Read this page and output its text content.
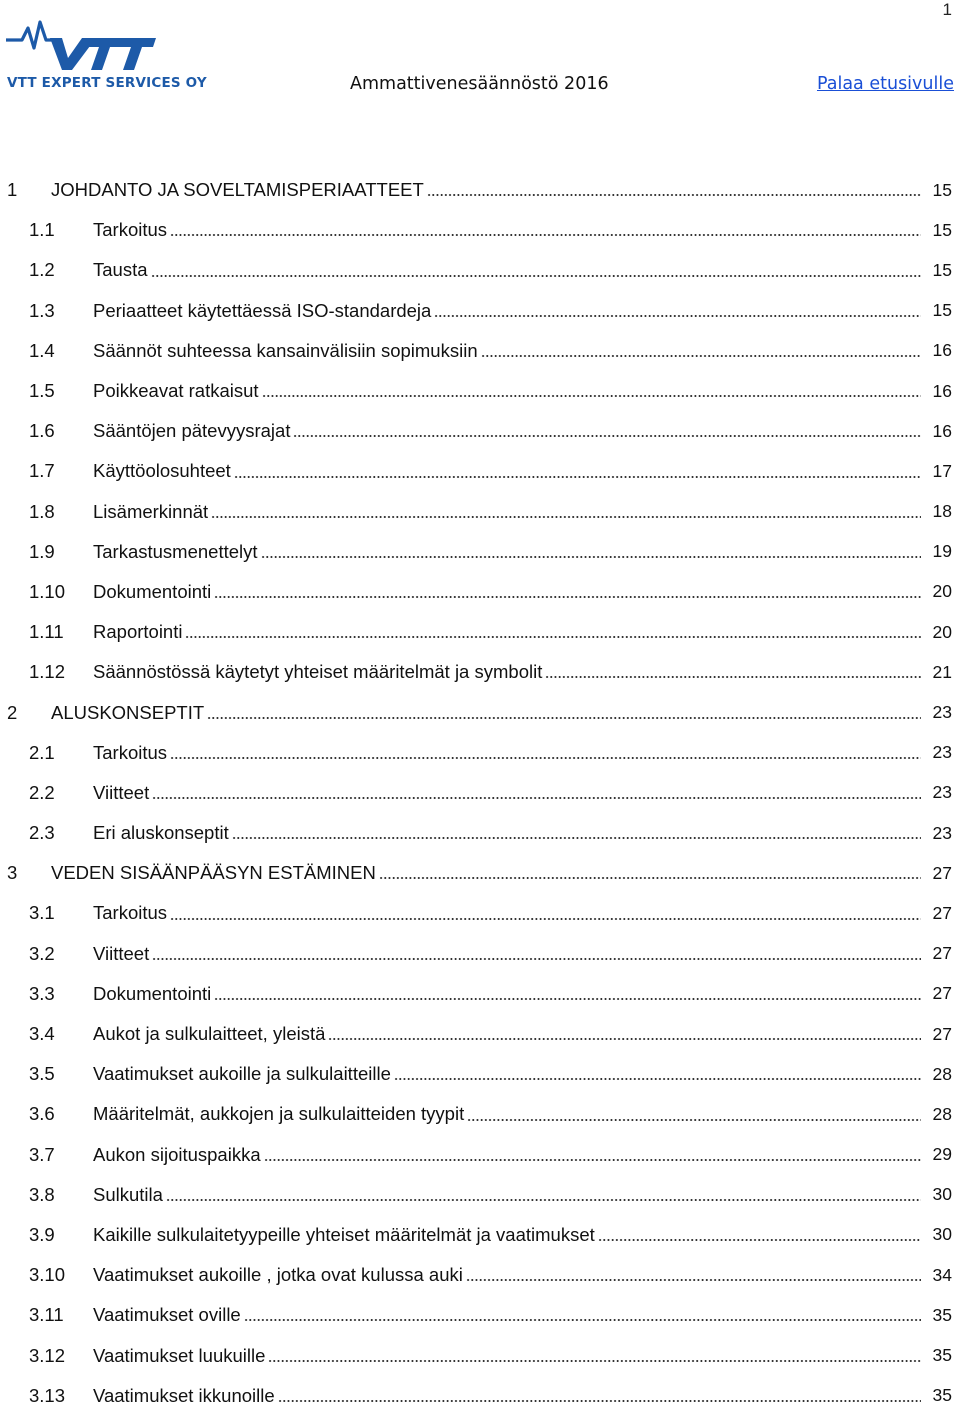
1
VTT EXPERT SERVICES OY	Ammattivenesäännöstö 2016	Palaa etusivulle
1	JOHDANTO JA SOVELTAMISPERIAATTEET	15
1.1	Tarkoitus	15
1.2	Tausta	15
1.3	Periaatteet käytettäessä ISO-standardeja	15
1.4	Säännöt suhteessa kansainvälisiin sopimuksiin	16
1.5	Poikkeavat ratkaisut	16
1.6	Sääntöjen pätevyysrajat	16
1.7	Käyttöolosuhteet	17
1.8	Lisämerkinnät	18
1.9	Tarkastusmenettelyt	19
1.10	Dokumentointi	20
1.11	Raportointi	20
1.12	Säännöstössä käytetyt yhteiset määritelmät ja symbolit	21
2	ALUSKONSEPTIT	23
2.1	Tarkoitus	23
2.2	Viitteet	23
2.3	Eri aluskonseptit	23
3	VEDEN SISÄÄNPÄÄSYN ESTÄMINEN	27
3.1	Tarkoitus	27
3.2	Viitteet	27
3.3	Dokumentointi	27
3.4	Aukot ja sulkulaitteet, yleistä	27
3.5	Vaatimukset aukoille ja sulkulaitteille	28
3.6	Määritelmät, aukkojen ja sulkulaitteiden tyypit	28
3.7	Aukon sijoituspaikka	29
3.8	Sulkutila	30
3.9	Kaikille sulkulaitetyypeille yhteiset määritelmät ja vaatimukset	30
3.10	Vaatimukset aukoille , jotka ovat kulussa auki	34
3.11	Vaatimukset oville	35
3.12	Vaatimukset luukuille	35
3.13	Vaatimukset ikkunoille	35
